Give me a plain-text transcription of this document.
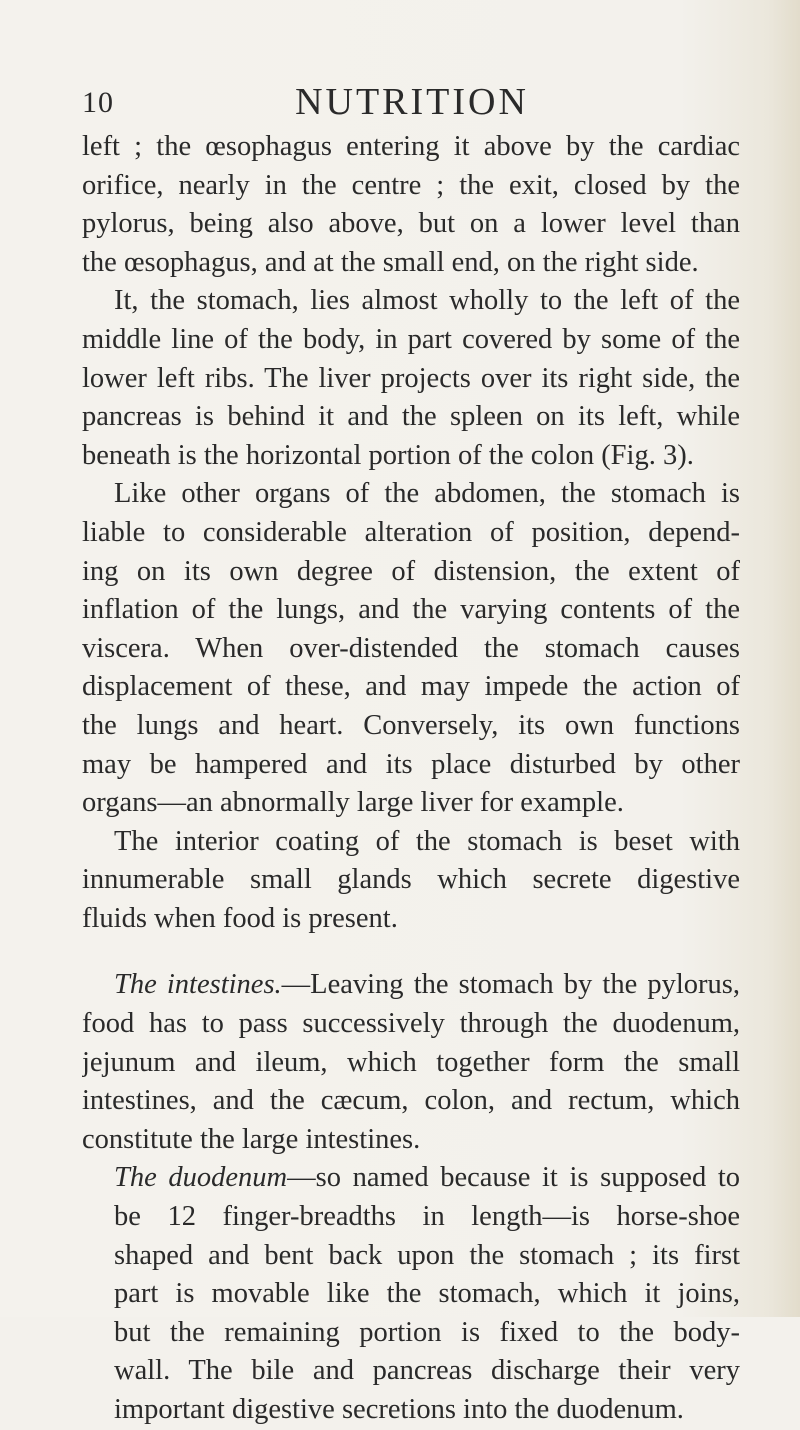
10	NUTRITION
left ; the œsophagus entering it above by the cardiac
orifice, nearly in the centre ; the exit, closed by the
pylorus, being also above, but on a lower level than
the œsophagus, and at the small end, on the right side.
It, the stomach, lies almost wholly to the left of the
middle line of the body, in part covered by some of the
lower left ribs. The liver projects over its right side, the
pancreas is behind it and the spleen on its left, while
beneath is the horizontal portion of the colon (Fig. 3).
Like other organs of the abdomen, the stomach is
liable to considerable alteration of position, depend-
ing on its own degree of distension, the extent of
inflation of the lungs, and the varying contents of the
viscera. When over-distended the stomach causes
displacement of these, and may impede the action of
the lungs and heart. Conversely, its own functions
may be hampered and its place disturbed by other
organs—an abnormally large liver for example.
The interior coating of the stomach is beset with
innumerable small glands which secrete digestive
fluids when food is present.
The intestines.—Leaving the stomach by the pylorus,
food has to pass successively through the duodenum,
jejunum and ileum, which together form the small
intestines, and the cæcum, colon, and rectum, which
constitute the large intestines.
The duodenum—so named because it is supposed to
be 12 finger-breadths in length—is horse-shoe
shaped and bent back upon the stomach ; its first
part is movable like the stomach, which it joins,
but the remaining portion is fixed to the body-
wall. The bile and pancreas discharge their very
important digestive secretions into the duodenum.
